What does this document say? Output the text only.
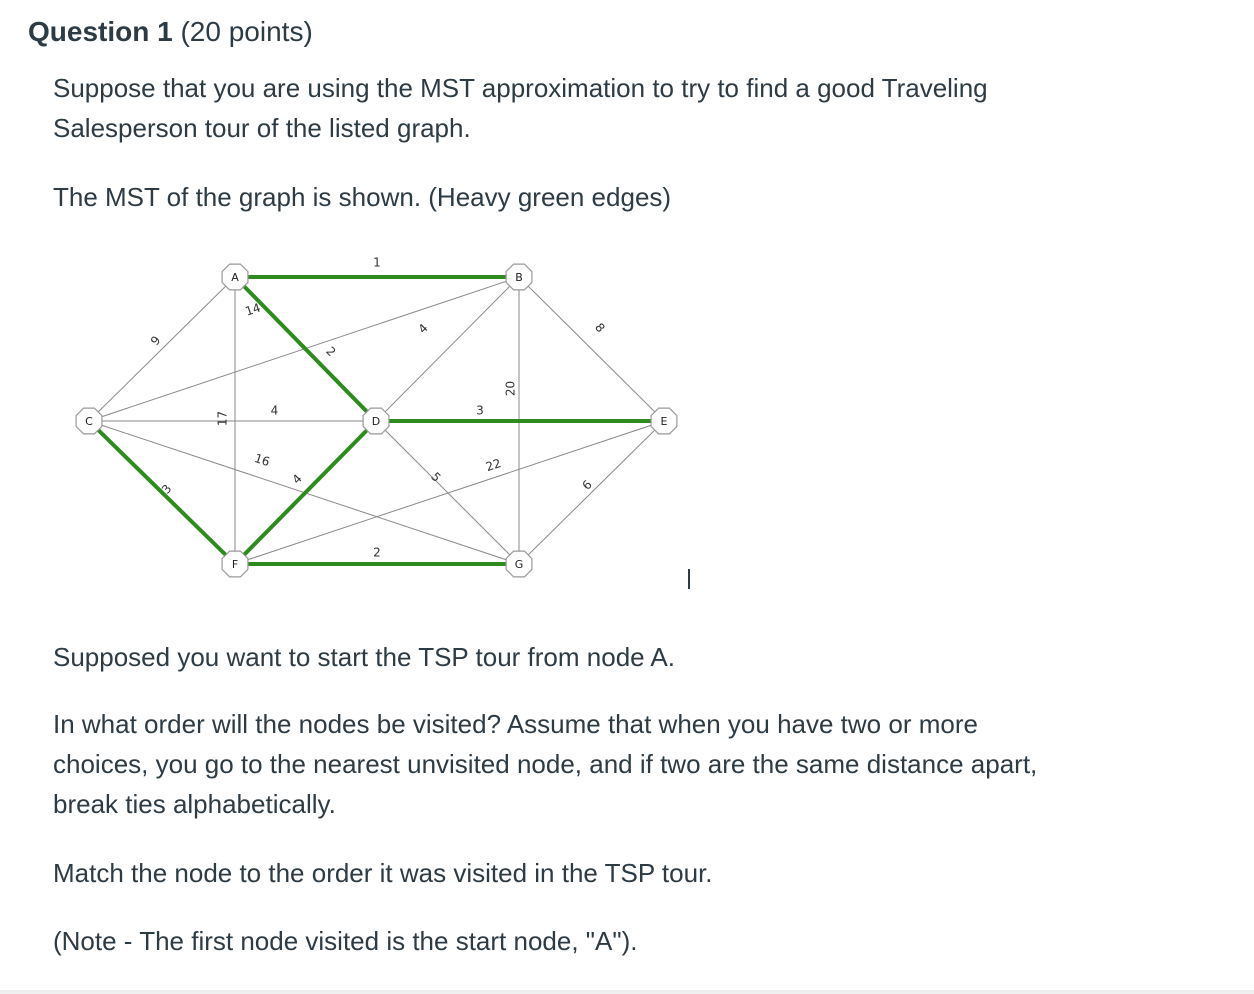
Question 1 (20 points)

Suppose that you are using the MST approximation to try to find a good Traveling
Salesperson tour of the listed graph.

The MST of the graph is shown. (Heavy green edges)

1
2
3
4
2
3
9
17
14
4
16
4
20
8
5
22
6
A	B
C	D	E
F	G

Supposed you want to start the TSP tour from node A.

In what order will the nodes be visited? Assume that when you have two or more
choices, you go to the nearest unvisited node, and if two are the same distance apart,
break ties alphabetically.

Match the node to the order it was visited in the TSP tour.

(Note - The first node visited is the start node, "A").
